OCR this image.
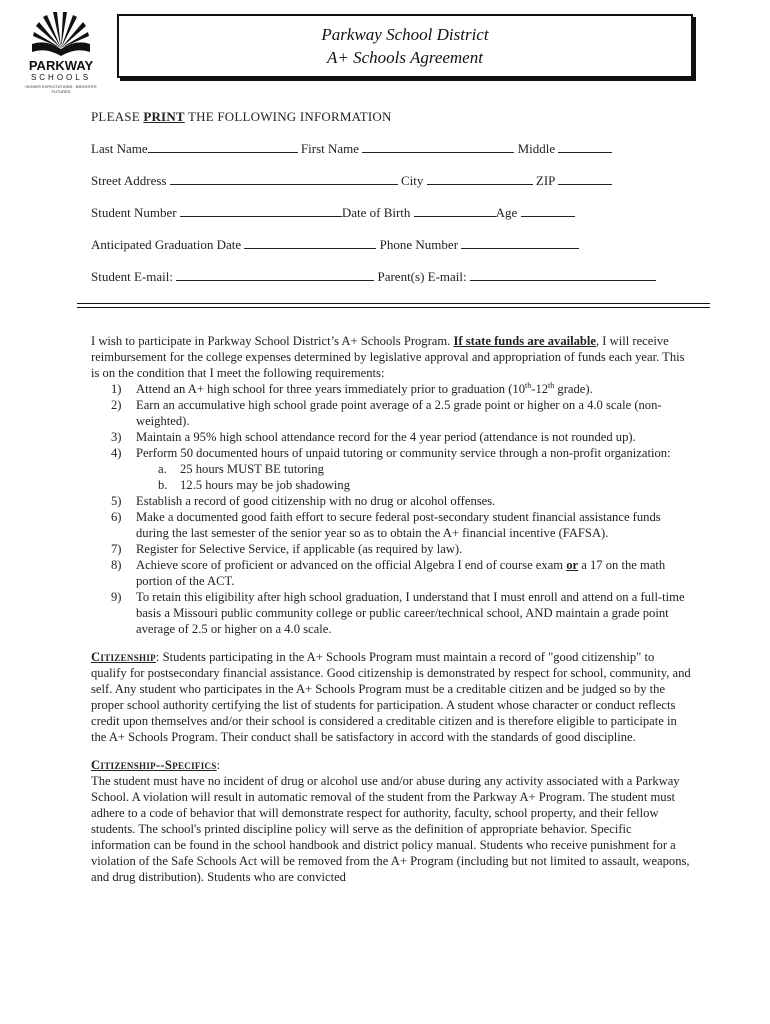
PARKWAY
SCHOOLS
HIGHER EXPECTATIONS · BRIGHTER FUTURES
Parkway School District
A+ Schools Agreement
PLEASE PRINT THE FOLLOWING INFORMATION
Last Name	First Name	Middle
Street Address	City	ZIP
Student Number	Date of Birth	Age
Anticipated Graduation Date	Phone Number
Student E-mail:	Parent(s) E-mail:

I wish to participate in Parkway School District’s A+ Schools Program. If state funds are available, I will receive reimbursement for the college expenses determined by legislative approval and appropriation of funds each year. This is on the condition that I meet the following requirements:

1) Attend an A+ high school for three years immediately prior to graduation (10th-12th grade).
2) Earn an accumulative high school grade point average of a 2.5 grade point or higher on a 4.0 scale (non-weighted).
3) Maintain a 95% high school attendance record for the 4 year period (attendance is not rounded up).
4) Perform 50 documented hours of unpaid tutoring or community service through a non-profit organization:
a. 25 hours MUST BE tutoring
b. 12.5 hours may be job shadowing
5) Establish a record of good citizenship with no drug or alcohol offenses.
6) Make a documented good faith effort to secure federal post-secondary student financial assistance funds during the last semester of the senior year so as to obtain the A+ financial incentive (FAFSA).
7) Register for Selective Service, if applicable (as required by law).
8) Achieve score of proficient or advanced on the official Algebra I end of course exam or a 17 on the math portion of the ACT.
9) To retain this eligibility after high school graduation, I understand that I must enroll and attend on a full-time basis a Missouri public community college or public career/technical school, AND maintain a grade point average of 2.5 or higher on a 4.0 scale.

Citizenship: Students participating in the A+ Schools Program must maintain a record of "good citizenship" to qualify for postsecondary financial assistance. Good citizenship is demonstrated by respect for school, community, and self. Any student who participates in the A+ Schools Program must be a creditable citizen and be judged so by the proper school authority certifying the list of students for participation. A student whose character or conduct reflects credit upon themselves and/or their school is considered a creditable citizen and is therefore eligible to participate in the A+ Schools Program. Their conduct shall be satisfactory in accord with the standards of good discipline.

Citizenship--Specifics:

The student must have no incident of drug or alcohol use and/or abuse during any activity associated with a Parkway School. A violation will result in automatic removal of the student from the Parkway A+ Program. The student must adhere to a code of behavior that will demonstrate respect for authority, faculty, school property, and their fellow students. The school's printed discipline policy will serve as the definition of appropriate behavior. Specific information can be found in the school handbook and district policy manual. Students who receive punishment for a violation of the Safe Schools Act will be removed from the A+ Program (including but not limited to assault, weapons, and drug distribution). Students who are convicted
